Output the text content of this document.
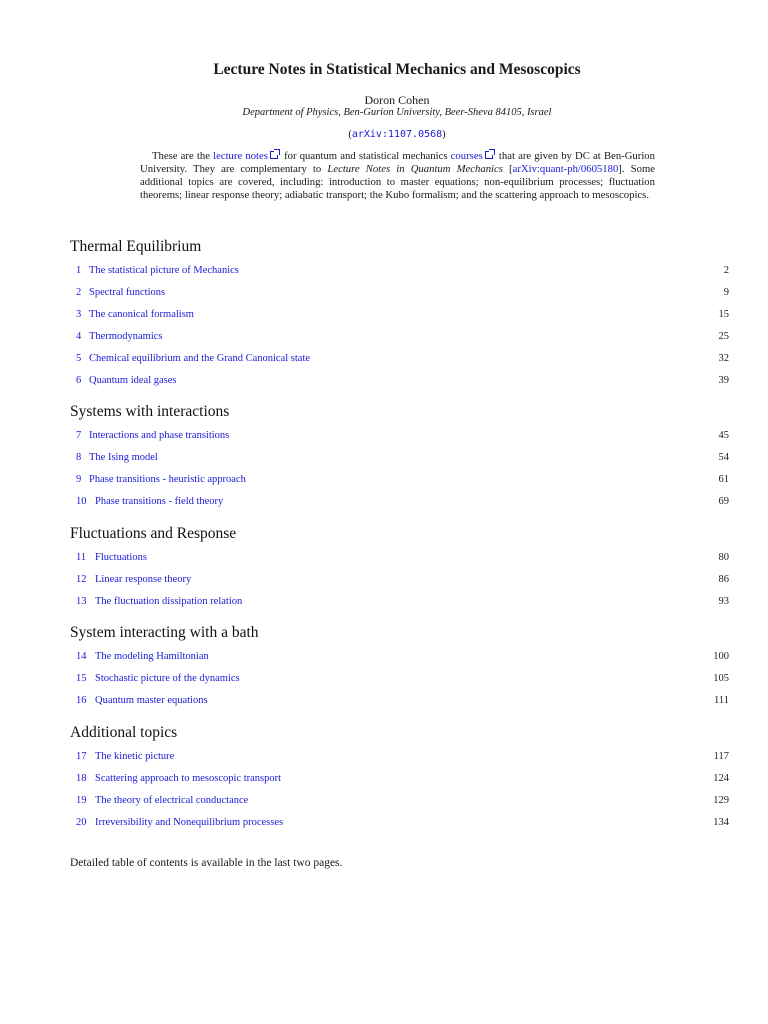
Lecture Notes in Statistical Mechanics and Mesoscopics
Doron Cohen
Department of Physics, Ben-Gurion University, Beer-Sheva 84105, Israel
(arXiv:1107.0568)
These are the lecture notes for quantum and statistical mechanics courses that are given by DC at Ben-Gurion University. They are complementary to Lecture Notes in Quantum Mechanics [arXiv:quant-ph/0605180]. Some additional topics are covered, including: introduction to master equations; non-equilibrium processes; fluctuation theorems; linear response theory; adiabatic transport; the Kubo formalism; and the scattering approach to mesoscopics.
Thermal Equilibrium
1 The statistical picture of Mechanics	2
2 Spectral functions	9
3 The canonical formalism	15
4 Thermodynamics	25
5 Chemical equilibrium and the Grand Canonical state	32
6 Quantum ideal gases	39
Systems with interactions
7 Interactions and phase transitions	45
8 The Ising model	54
9 Phase transitions - heuristic approach	61
10 Phase transitions - field theory	69
Fluctuations and Response
11 Fluctuations	80
12 Linear response theory	86
13 The fluctuation dissipation relation	93
System interacting with a bath
14 The modeling Hamiltonian	100
15 Stochastic picture of the dynamics	105
16 Quantum master equations	111
Additional topics
17 The kinetic picture	117
18 Scattering approach to mesoscopic transport	124
19 The theory of electrical conductance	129
20 Irreversibility and Nonequilibrium processes	134
Detailed table of contents is available in the last two pages.
